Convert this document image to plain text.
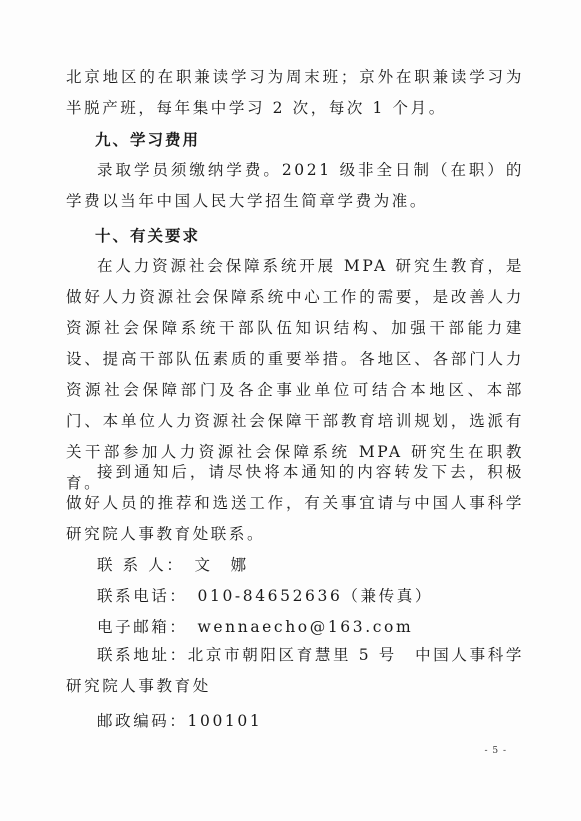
北京地区的在职兼读学习为周末班；京外在职兼读学习为半脱产班，每年集中学习 2 次，每次 1 个月。
九、学习费用
录取学员须缴纳学费。2021 级非全日制（在职）的学费以当年中国人民大学招生简章学费为准。
十、有关要求
在人力资源社会保障系统开展 MPA 研究生教育，是做好人力资源社会保障系统中心工作的需要，是改善人力资源社会保障系统干部队伍知识结构、加强干部能力建设、提高干部队伍素质的重要举措。各地区、各部门人力资源社会保障部门及各企事业单位可结合本地区、本部门、本单位人力资源社会保障干部教育培训规划，选派有关干部参加人力资源社会保障系统 MPA 研究生在职教育。
接到通知后，请尽快将本通知的内容转发下去，积极做好人员的推荐和选送工作，有关事宜请与中国人事科学研究院人事教育处联系。
联 系 人： 文　娜
联系电话： 010-84652636（兼传真）
电子邮箱： wennaecho@163.com
联系地址：北京市朝阳区育慧里 5 号　中国人事科学研究院人事教育处
邮政编码：100101
- 5 -
